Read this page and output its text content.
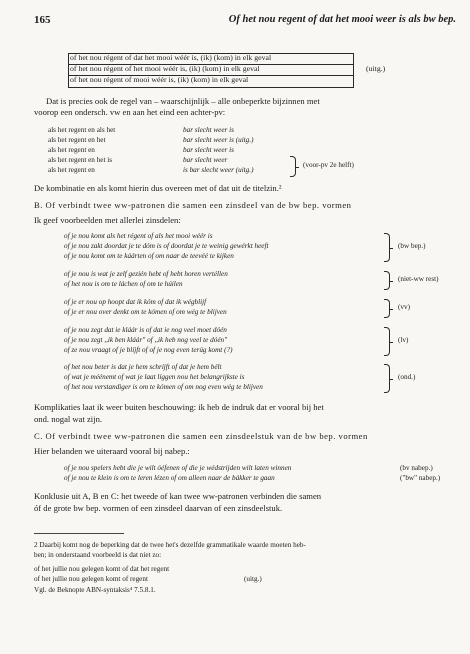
165	Of het nou regent of dat het mooi weer is als bw bep.
of het nou régent of dat het mooi wéér is, (ik) (kom) in elk geval
of het nou régent of het mooi wéér is, (ik) (kom) in elk geval	(uitg.)
of het nou régent of mooi wéér is, (ik) (kom) in elk geval
Dat is precies ook de regel van – waarschijnlijk – alle onbeperkte bijzinnen met
voorop een ondersch. vw en aan het eind een achter-pv:
als het regent en als het	bar slecht weer is
als het regent en het	bar slecht weer is (uitg.)
als het regent en	bar slecht weer is
als het regent en het is	bar slecht weer
als het regent en	is bar slecht weer (uitg.)
(voor-pv 2e helft)
De kombinatie en als komt hierin dus overeen met of dat uit de titelzin.²
B. Of verbindt twee ww-patronen die samen een zinsdeel van de bw bep. vormen
Ik geef voorbeelden met allerlei zinsdelen:
of je nou komt als het régent of als het mooi wéér is
of je nou zakt doordat je te dóm is of doordat je te weinig gewérkt heeft
of je nou komt om te káárten of om naar de teevéé te kijken
(bw bep.)
of je nou is wat je zelf gezién hebt of hebt horen vertéllen
of het nou is om te láchen of om te húilen
(niet-ww rest)
of je er nou op hoopt dat ik kóm of dat ik wégblijf
of je er nou over denkt om te kómen of om wég te blijven
(vv)
of je nou zegt dat ie kláár is of dat ie nog veel moet dóén
of je nou zegt ,,ik ben kláár" of ,,ik heb nog veel te dóén"
of ze nou vraagt of je blíjft of of je nog even terúg komt (?)
(lv)
of het nou beter is dat je hem schríjft of dat je hem bélt
of wat je méénemt of wat je laat líggen nou het belangrijkste is
of het nou verstandiger is om te kómen of om nog even wég te blijven
(ond.)
Komplikaties laat ik weer buiten beschouwing: ik heb de indruk dat er vooral bij het
ond. nogal wat zijn.
C. Of verbindt twee ww-patronen die samen een zinsdeelstuk van de bw bep. vormen
Hier belanden we uiteraard vooral bij nabep.:
of je nou spelers hebt die je wilt óéfenen of die je wédstrijden wilt laten winnen	(bv nabep.)
of je nou te klein is om te leren lézen of om alleen naar de bákker te gaan	("bw" nabep.)
Konklusie uit A, B en C: het tweede of kan twee ww-patronen verbinden die samen
óf de grote bw bep. vormen of een zinsdeel daarvan of een zinsdeelstuk.
2 Daarbij komt nog de beperking dat de twee het's dezelfde grammatikale waarde moeten heb-
ben; in onderstaand voorbeeld is dat niet zo:
of het jullie nou gelegen komt of dat het regent
of het jullie nou gelegen komt of regent	(uitg.)
Vgl. de Beknopte ABN-syntaksis⁴ 7.5.8.1.
